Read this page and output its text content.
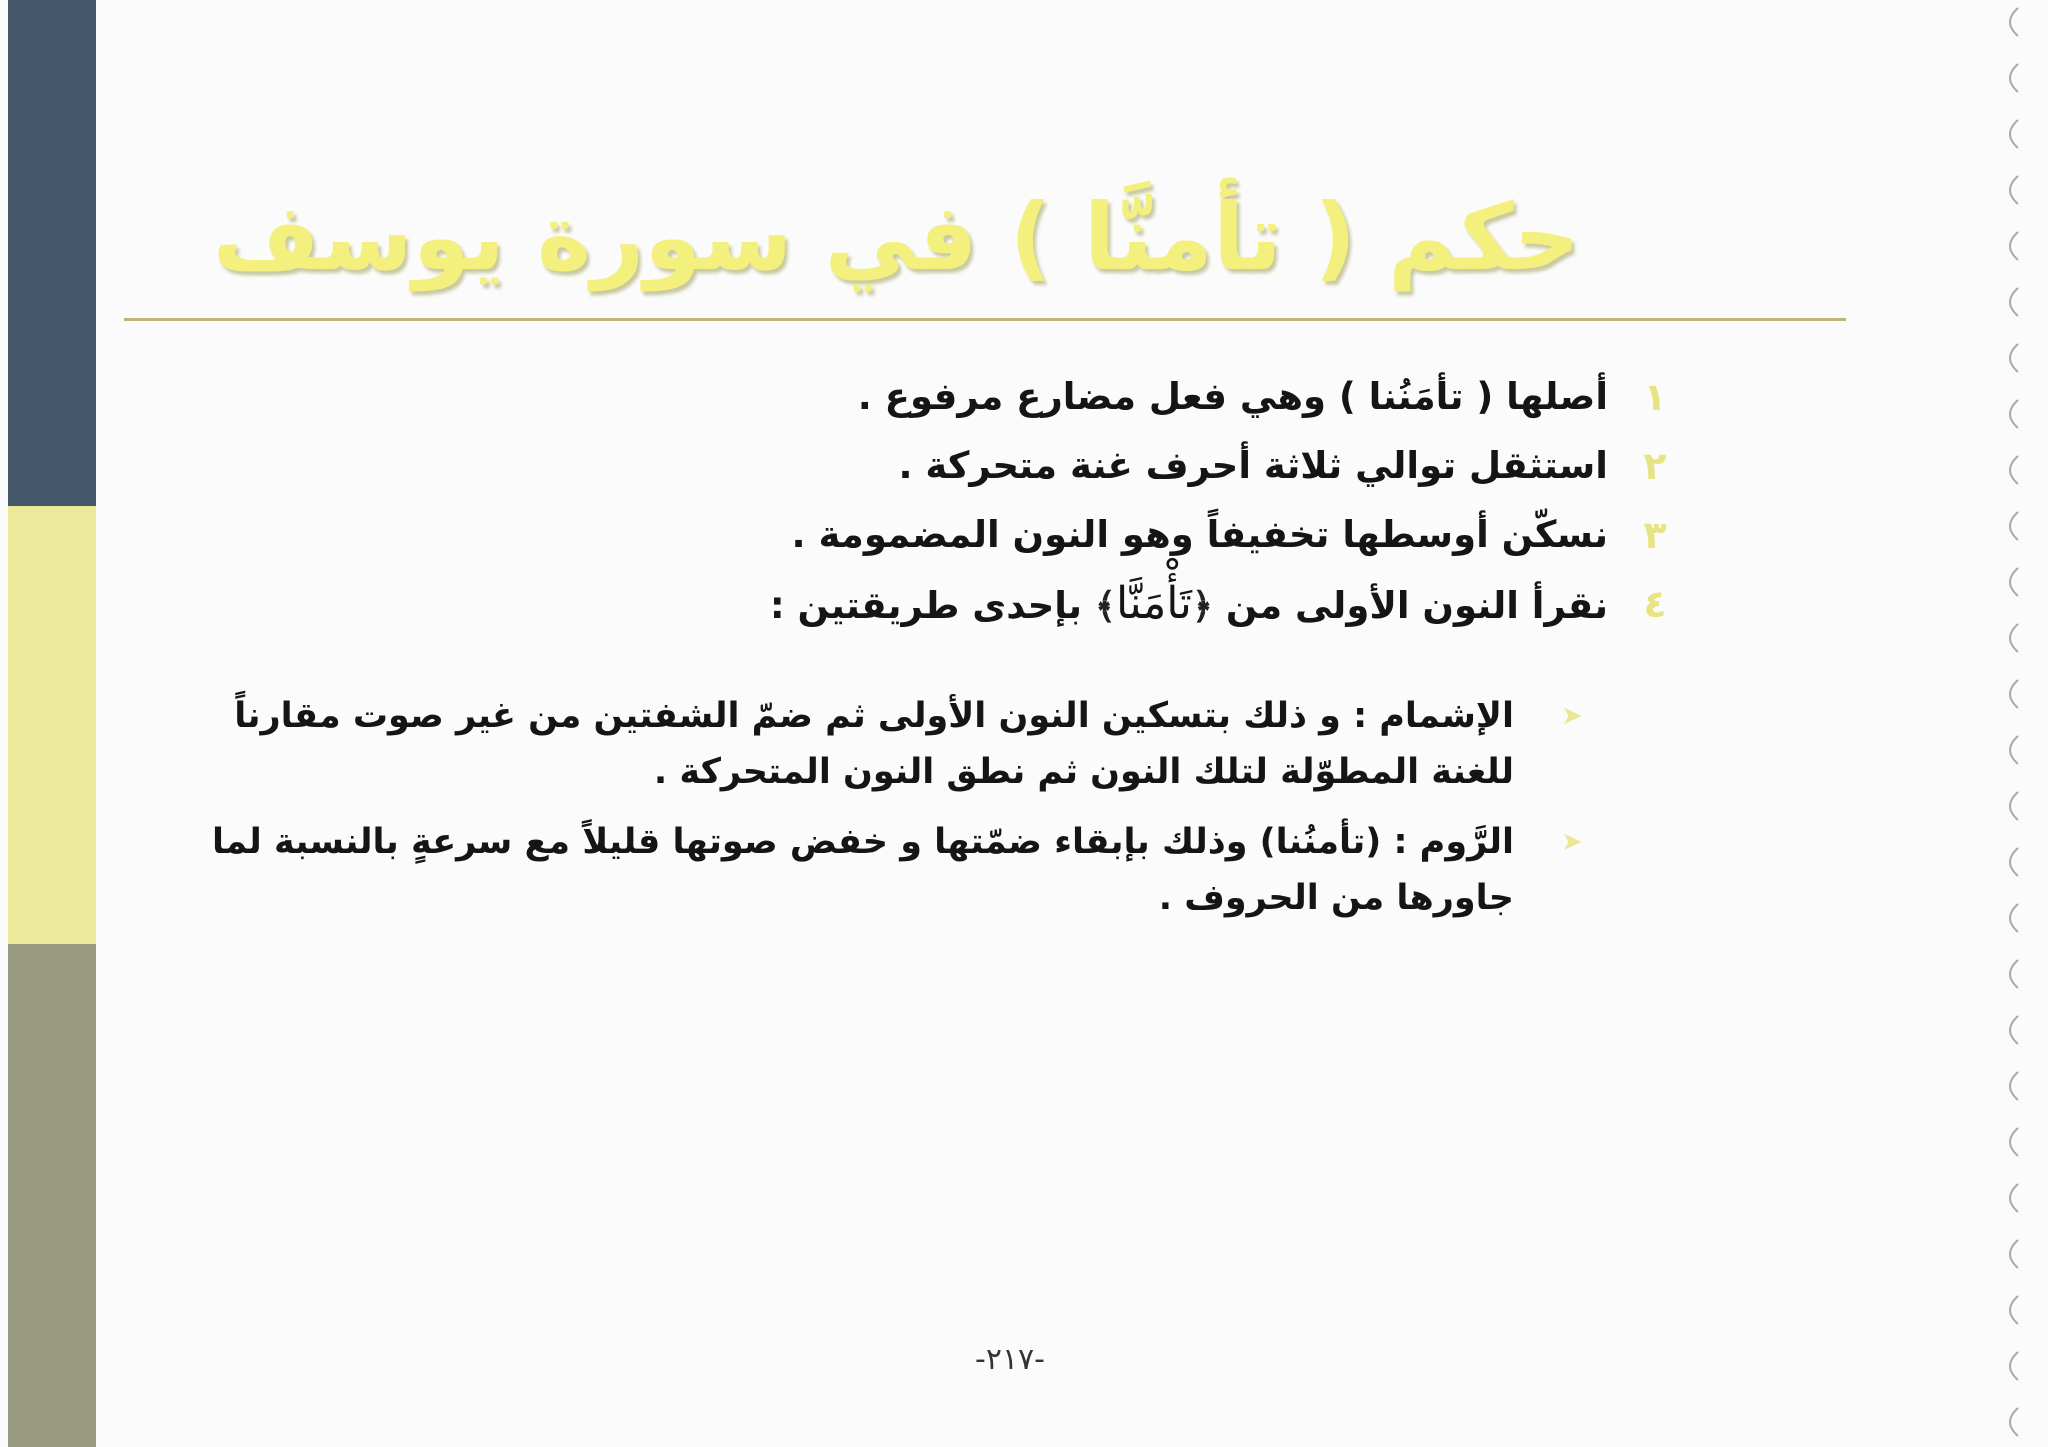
حكم ( تأمنَّا ) في سورة يوسف
١
أصلها ( تأمَنُنا ) وهي فعل مضارع مرفوع .
٢
استثقل توالي ثلاثة أحرف غنة متحركة .
٣
نسكّن أوسطها تخفيفاً وهو النون المضمومة .
٤
نقرأ النون الأولى من ﴿تَأْمَنَّا﴾ بإحدى طريقتين :
➤
الإشمام : و ذلك بتسكين النون الأولى ثم ضمّ الشفتين من غير صوت مقارناً للغنة المطوّلة لتلك النون ثم نطق النون المتحركة .
➤
الرَّوم : (تأمنُنا) وذلك بإبقاء ضمّتها و خفض صوتها قليلاً مع سرعةٍ بالنسبة لما جاورها من الحروف .
-٢١٧-
